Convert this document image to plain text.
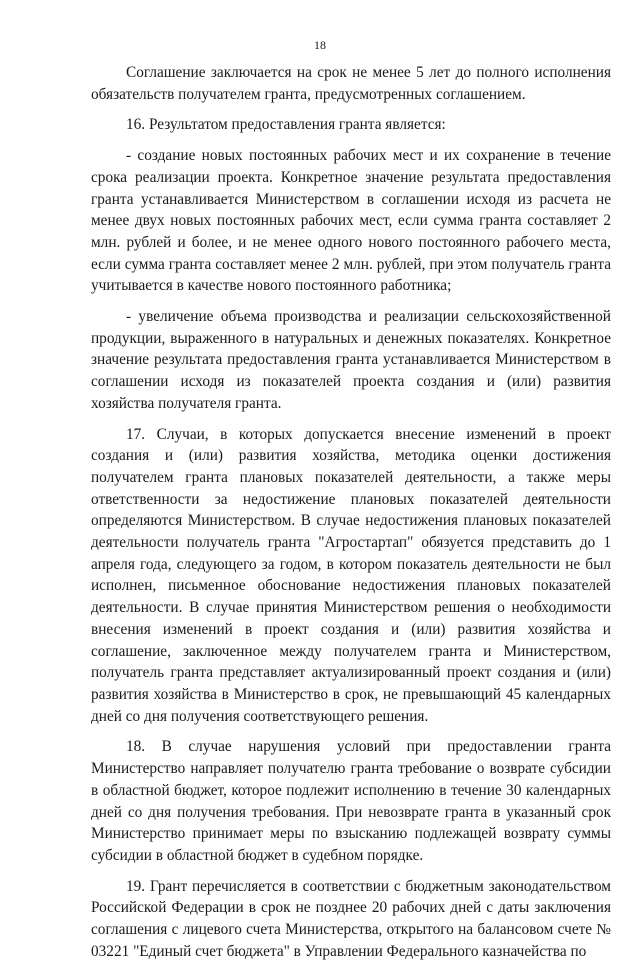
18

Соглашение заключается на срок не менее 5 лет до полного исполнения обязательств получателем гранта, предусмотренных соглашением.

16. Результатом предоставления гранта является:

- создание новых постоянных рабочих мест и их сохранение в течение срока реализации проекта. Конкретное значение результата предоставления гранта устанавливается Министерством в соглашении исходя из расчета не менее двух новых постоянных рабочих мест, если сумма гранта составляет 2 млн. рублей и более, и не менее одного нового постоянного рабочего места, если сумма гранта составляет менее 2 млн. рублей, при этом получатель гранта учитывается в качестве нового постоянного работника;

- увеличение объема производства и реализации сельскохозяйственной продукции, выраженного в натуральных и денежных показателях. Конкретное значение результата предоставления гранта устанавливается Министерством в соглашении исходя из показателей проекта создания и (или) развития хозяйства получателя гранта.

17. Случаи, в которых допускается внесение изменений в проект создания и (или) развития хозяйства, методика оценки достижения получателем гранта плановых показателей деятельности, а также меры ответственности за недостижение плановых показателей деятельности определяются Министерством. В случае недостижения плановых показателей деятельности получатель гранта "Агростартап" обязуется представить до 1 апреля года, следующего за годом, в котором показатель деятельности не был исполнен, письменное обоснование недостижения плановых показателей деятельности. В случае принятия Министерством решения о необходимости внесения изменений в проект создания и (или) развития хозяйства и соглашение, заключенное между получателем гранта и Министерством, получатель гранта представляет актуализированный проект создания и (или) развития хозяйства в Министерство в срок, не превышающий 45 календарных дней со дня получения соответствующего решения.

18. В случае нарушения условий при предоставлении гранта Министерство направляет получателю гранта требование о возврате субсидии в областной бюджет, которое подлежит исполнению в течение 30 календарных дней со дня получения требования. При невозврате гранта в указанный срок Министерство принимает меры по взысканию подлежащей возврату суммы субсидии в областной бюджет в судебном порядке.

19. Грант перечисляется в соответствии с бюджетным законодательством Российской Федерации в срок не позднее 20 рабочих дней с даты заключения соглашения с лицевого счета Министерства, открытого на балансовом счете № 03221 "Единый счет бюджета" в Управлении Федерального казначейства по
